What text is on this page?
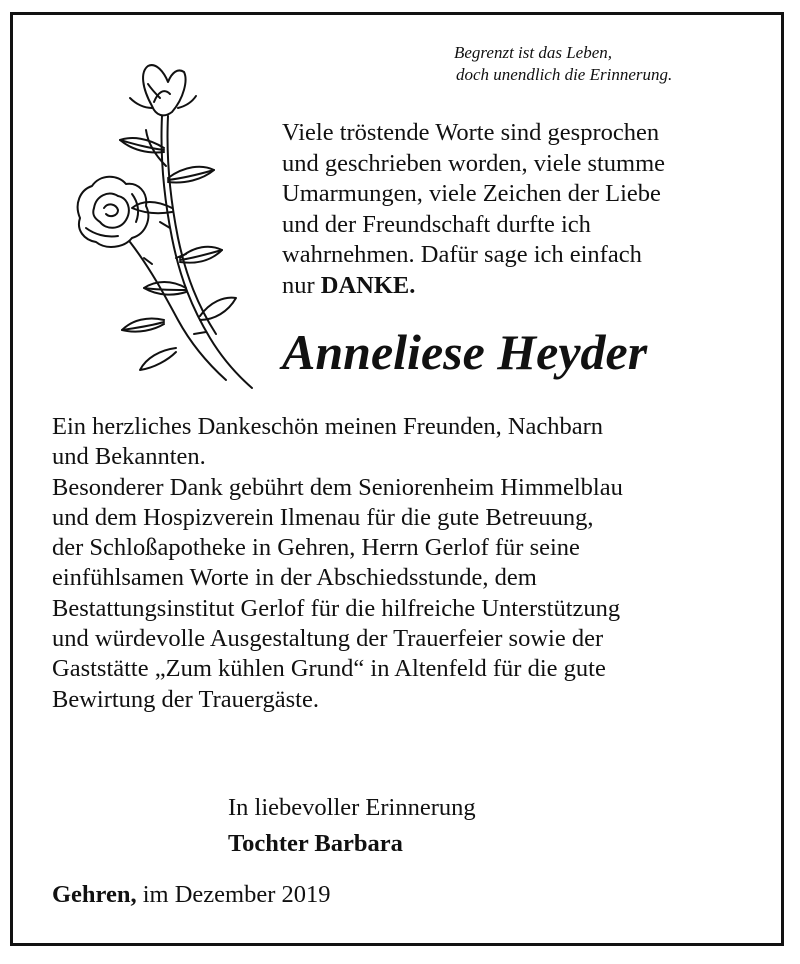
Begrenzt ist das Leben,
doch unendlich die Erinnerung.
Viele tröstende Worte sind gesprochen
und geschrieben worden, viele stumme
Umarmungen, viele Zeichen der Liebe
und der Freundschaft durfte ich
wahrnehmen. Dafür sage ich einfach
nur DANKE.
Anneliese Heyder
Ein herzliches Dankeschön meinen Freunden, Nachbarn
und Bekannten.
Besonderer Dank gebührt dem Seniorenheim Himmelblau
und dem Hospizverein Ilmenau für die gute Betreuung,
der Schloßapotheke in Gehren, Herrn Gerlof für seine
einfühlsamen Worte in der Abschiedsstunde, dem
Bestattungsinstitut Gerlof für die hilfreiche Unterstützung
und würdevolle Ausgestaltung der Trauerfeier sowie der
Gaststätte „Zum kühlen Grund“ in Altenfeld für die gute
Bewirtung der Trauergäste.
In liebevoller Erinnerung
Tochter Barbara
Gehren, im Dezember 2019
